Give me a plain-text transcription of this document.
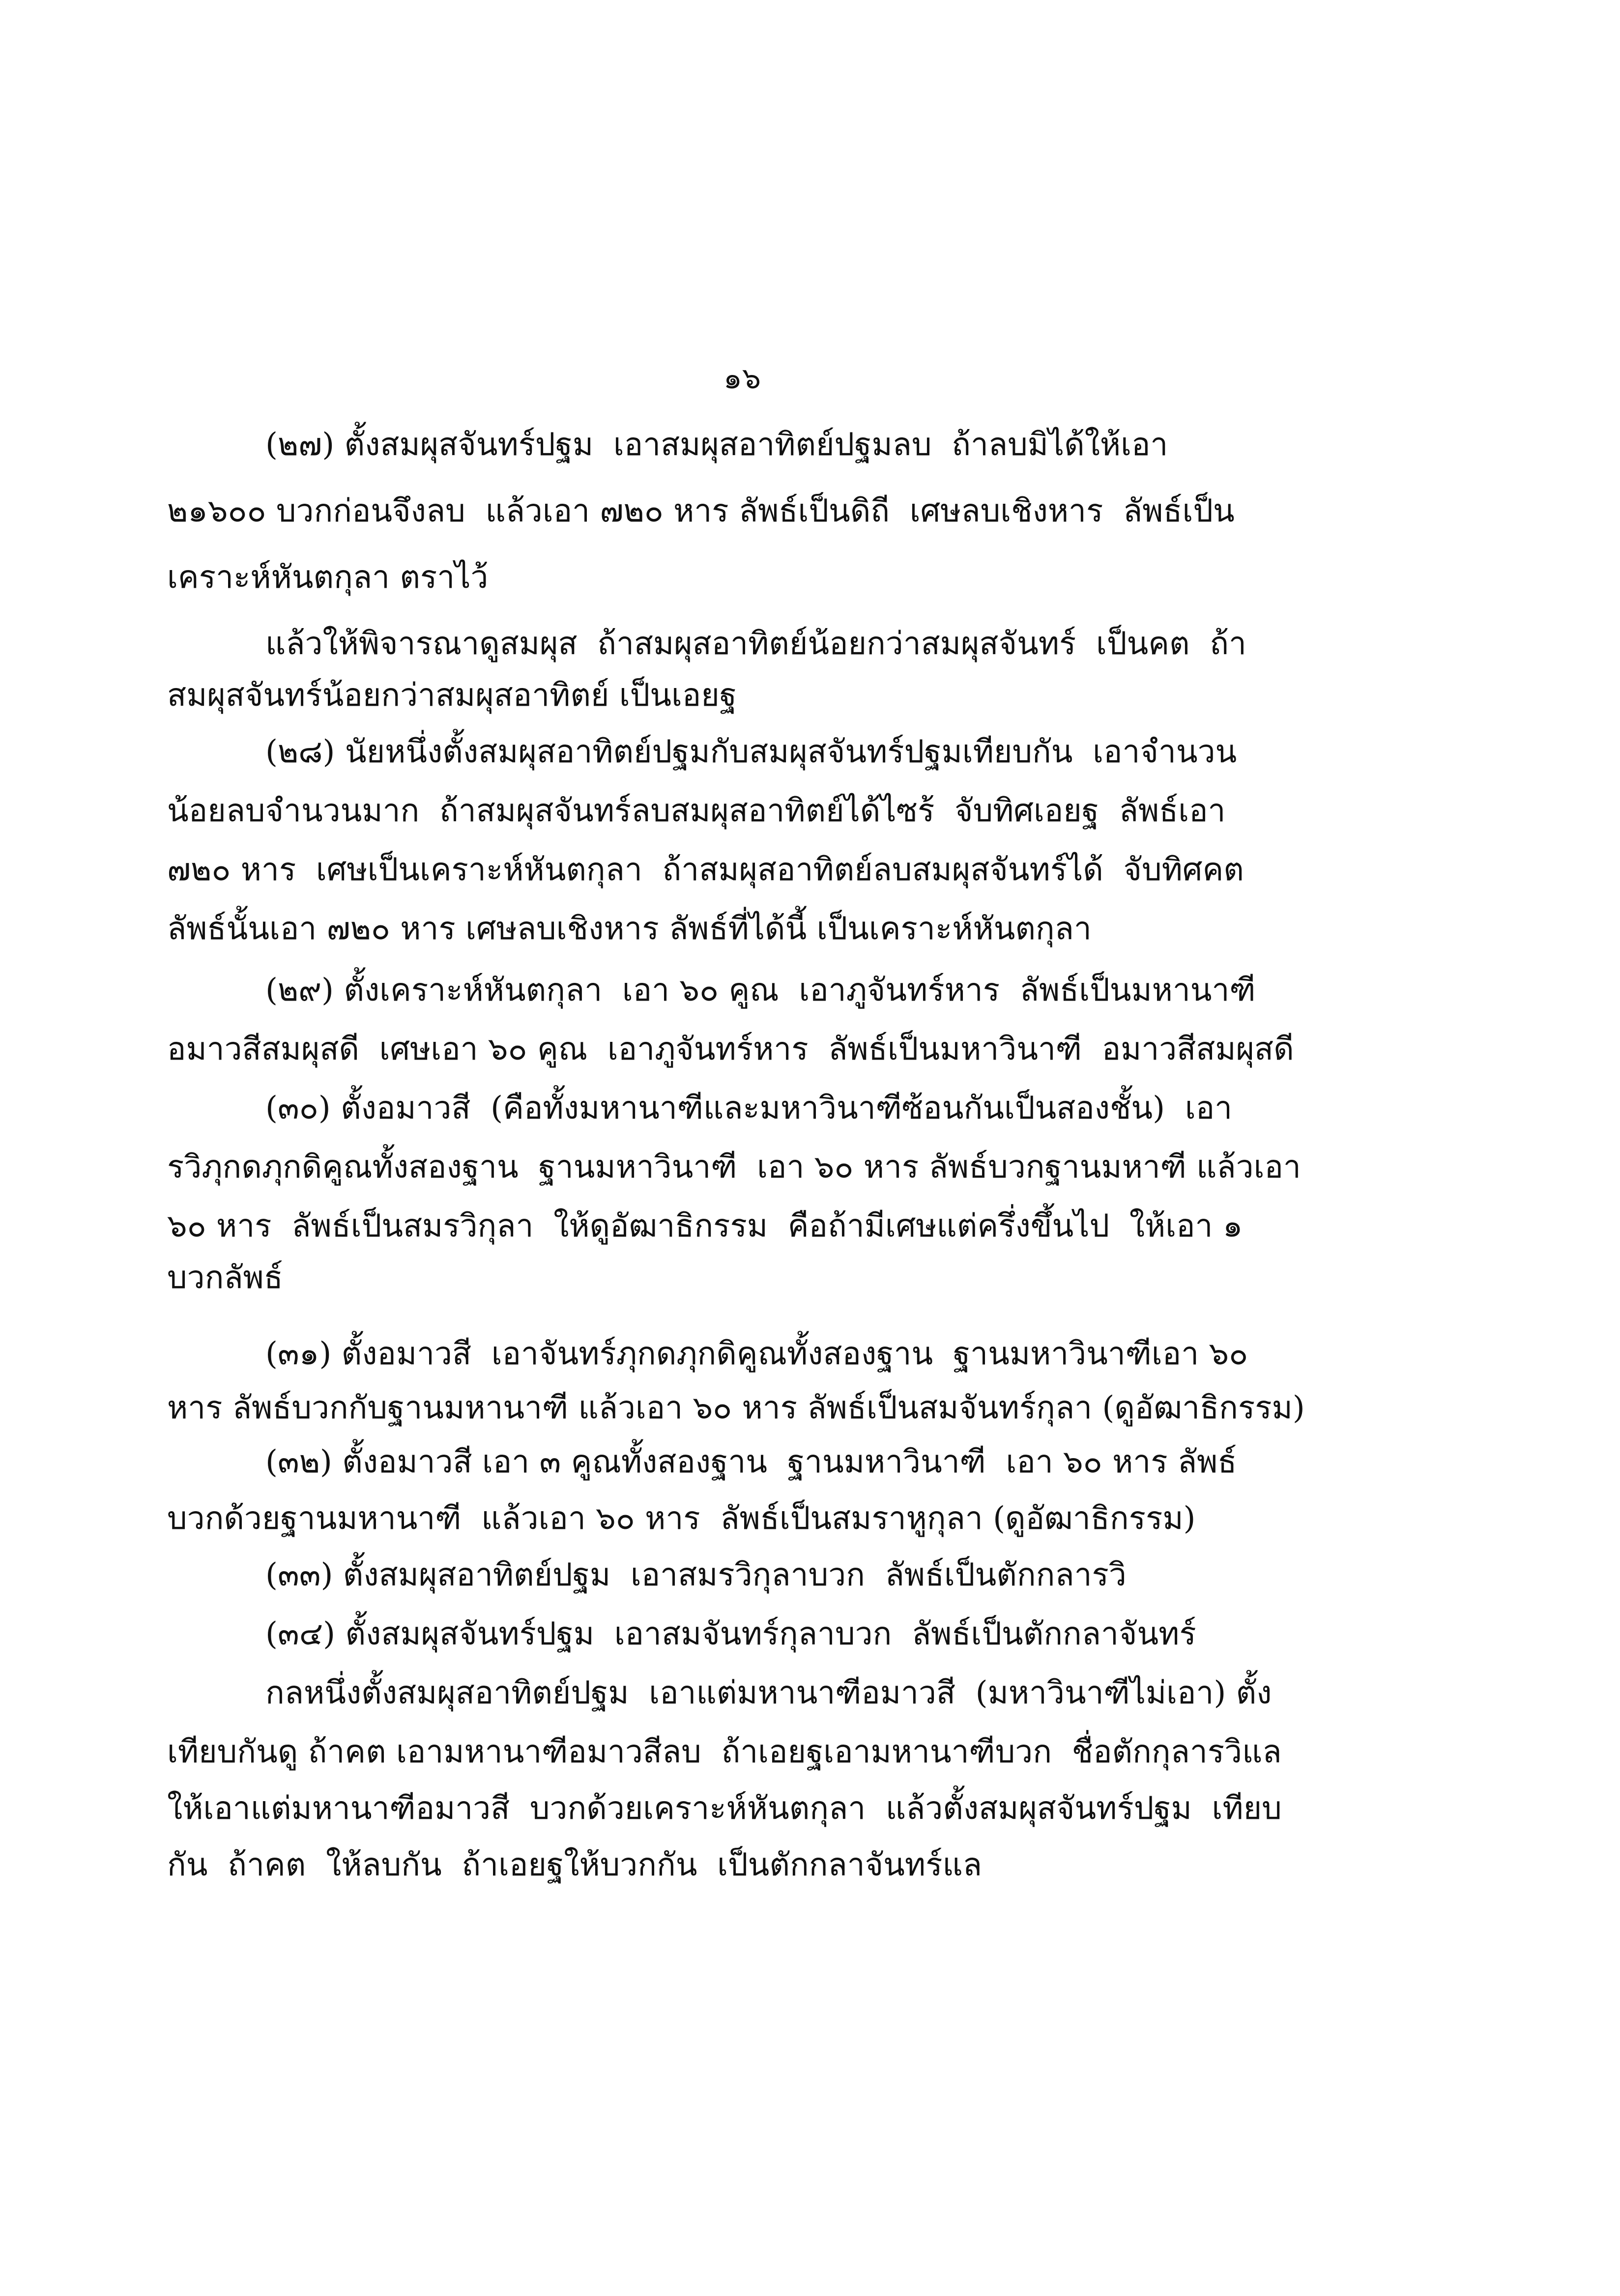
๑๖
(๒๗) ตั้งสมผุสจันทร์ปฐม  เอาสมผุสอาทิตย์ปฐมลบ  ถ้าลบมิได้ให้เอา
๒๑๖๐๐ บวกก่อนจึงลบ  แล้วเอา ๗๒๐ หาร ลัพธ์เป็นดิถี  เศษลบเชิงหาร  ลัพธ์เป็น
เคราะห์หันตกุลา ตราไว้
แล้วให้พิจารณาดูสมผุส  ถ้าสมผุสอาทิตย์น้อยกว่าสมผุสจันทร์  เป็นคต  ถ้า
สมผุสจันทร์น้อยกว่าสมผุสอาทิตย์ เป็นเอยฐ
(๒๘) นัยหนึ่งตั้งสมผุสอาทิตย์ปฐมกับสมผุสจันทร์ปฐมเทียบกัน  เอาจำนวน
น้อยลบจำนวนมาก  ถ้าสมผุสจันทร์ลบสมผุสอาทิตย์ได้ไซร้  จับทิศเอยฐ  ลัพธ์เอา
๗๒๐ หาร  เศษเป็นเคราะห์หันตกุลา  ถ้าสมผุสอาทิตย์ลบสมผุสจันทร์ได้  จับทิศคต
ลัพธ์นั้นเอา ๗๒๐ หาร เศษลบเชิงหาร ลัพธ์ที่ได้นี้ เป็นเคราะห์หันตกุลา
(๒๙) ตั้งเคราะห์หันตกุลา  เอา ๖๐ คูณ  เอาภูจันทร์หาร  ลัพธ์เป็นมหานาฑี
อมาวสีสมผุสดี  เศษเอา ๖๐ คูณ  เอาภูจันทร์หาร  ลัพธ์เป็นมหาวินาฑี  อมาวสีสมผุสดี
(๓๐) ตั้งอมาวสี  (คือทั้งมหานาฑีและมหาวินาฑีซ้อนกันเป็นสองชั้น)  เอา
รวิภุกดภุกดิคูณทั้งสองฐาน  ฐานมหาวินาฑี  เอา ๖๐ หาร ลัพธ์บวกฐานมหาฑี แล้วเอา
๖๐ หาร  ลัพธ์เป็นสมรวิกุลา  ให้ดูอัฒาธิกรรม  คือถ้ามีเศษแต่ครึ่งขึ้นไป  ให้เอา ๑
บวกลัพธ์
(๓๑) ตั้งอมาวสี  เอาจันทร์ภุกดภุกดิคูณทั้งสองฐาน  ฐานมหาวินาฑีเอา ๖๐
หาร ลัพธ์บวกกับฐานมหานาฑี แล้วเอา ๖๐ หาร ลัพธ์เป็นสมจันทร์กุลา (ดูอัฒาธิกรรม)
(๓๒) ตั้งอมาวสี เอา ๓ คูณทั้งสองฐาน  ฐานมหาวินาฑี  เอา ๖๐ หาร ลัพธ์
บวกด้วยฐานมหานาฑี  แล้วเอา ๖๐ หาร  ลัพธ์เป็นสมราหูกุลา (ดูอัฒาธิกรรม)
(๓๓) ตั้งสมผุสอาทิตย์ปฐม  เอาสมรวิกุลาบวก  ลัพธ์เป็นตักกลารวิ
(๓๔) ตั้งสมผุสจันทร์ปฐม  เอาสมจันทร์กุลาบวก  ลัพธ์เป็นตักกลาจันทร์
กลหนึ่งตั้งสมผุสอาทิตย์ปฐม  เอาแต่มหานาฑีอมาวสี  (มหาวินาฑีไม่เอา) ตั้ง
เทียบกันดู ถ้าคต เอามหานาฑีอมาวสีลบ  ถ้าเอยฐเอามหานาฑีบวก  ชื่อตักกุลารวิแล
ให้เอาแต่มหานาฑีอมาวสี  บวกด้วยเคราะห์หันตกุลา  แล้วตั้งสมผุสจันทร์ปฐม  เทียบ
กัน  ถ้าคต  ให้ลบกัน  ถ้าเอยฐให้บวกกัน  เป็นตักกลาจันทร์แล
